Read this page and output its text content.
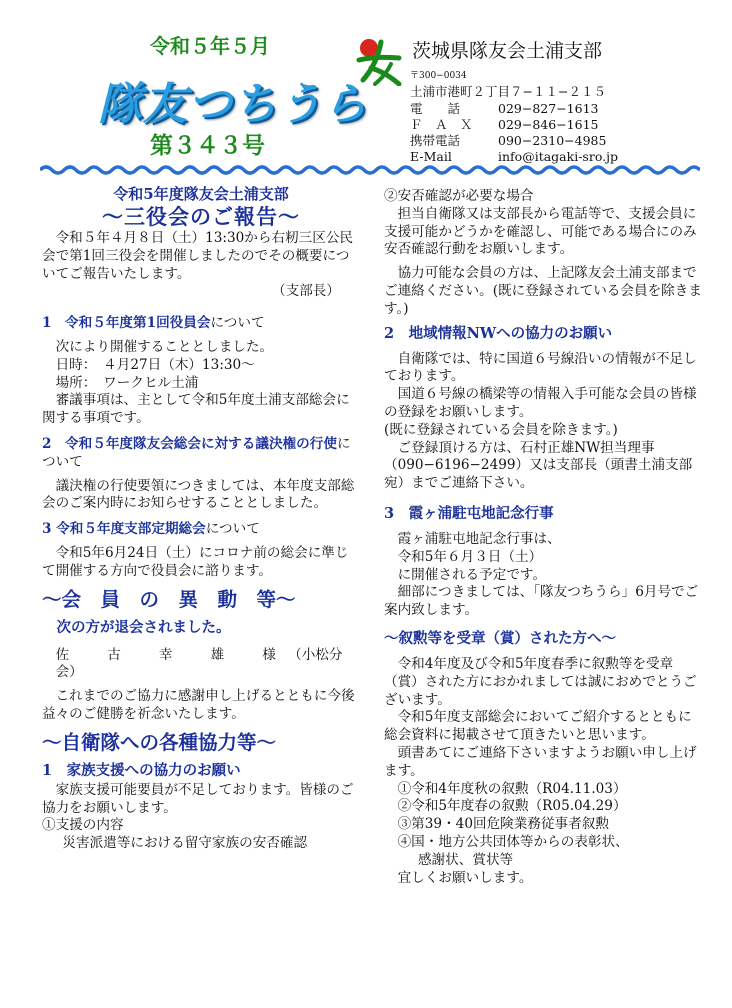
令和５年５月
隊友つちうら
第３４３号
茨城県隊友会土浦支部
〒300−0034
土浦市港町２丁目７−１１−２１５
電　　話	029−827−1613
Ｆ　Ａ　Ｘ	029−846−1615
携帯電話	090−2310−4985
E-Mail	info@itagaki-sro.jp

令和5年度隊友会土浦支部

〜三役会のご報告〜

令和５年４月８日（土）13:30から右籾三区公民会で第1回三役会を開催しましたのでその概要についてご報告いたします。

（支部長）

1　令和５年度第1回役員会について

次により開催することとしました。

日時：　４月27日（木）13:30〜

場所：　ワークヒル土浦

審議事項は、主として令和5年度土浦支部総会に関する事項です。

2　令和５年度隊友会総会に対する議決権の行使について

議決権の行使要領につきましては、本年度支部総会のご案内時にお知らせすることとしました。

3 令和５年度支部定期総会について

令和5年6月24日（土）にコロナ前の総会に準じて開催する方向で役員会に諮ります。

〜会　員　の　異　動　等〜

次の方が退会されました。

佐　古　幸　雄　様（小松分会）

これまでのご協力に感謝申し上げるとともに今後益々のご健勝を祈念いたします。

〜自衛隊への各種協力等〜

1　家族支援への協力のお願い

家族支援可能要員が不足しております。皆様のご協力をお願いします。

①支援の内容

災害派遣等における留守家族の安否確認

②安否確認が必要な場合

担当自衛隊又は支部長から電話等で、支援会員に支援可能かどうかを確認し、可能である場合にのみ安否確認行動をお願いします。

協力可能な会員の方は、上記隊友会土浦支部までご連絡ください。(既に登録されている会員を除きます。)

2　地域情報NWへの協力のお願い

自衛隊では、特に国道６号線沿いの情報が不足しております。

国道６号線の橋梁等の情報入手可能な会員の皆様の登録をお願いします。

(既に登録されている会員を除きます。)

ご登録頂ける方は、石村正雄NW担当理事（090−6196−2499）又は支部長（頭書土浦支部宛）までご連絡下さい。

3　霞ヶ浦駐屯地記念行事

霞ヶ浦駐屯地記念行事は、

令和5年６月３日（土）

に開催される予定です。

細部につきましては、「隊友つちうら」6月号でご案内致します。

〜叙勲等を受章（賞）された方へ〜

令和4年度及び令和5年度春季に叙勲等を受章（賞）された方におかれましては誠におめでとうございます。

令和5年度支部総会においてご紹介するとともに総会資料に掲載させて頂きたいと思います。

頭書あてにご連絡下さいますようお願い申し上げます。

①令和4年度秋の叙勲（R04.11.03）

②令和5年度春の叙勲（R05.04.29）

③第39・40回危険業務従事者叙勲

④国・地方公共団体等からの表彰状、

感謝状、賞状等

宜しくお願いします。
